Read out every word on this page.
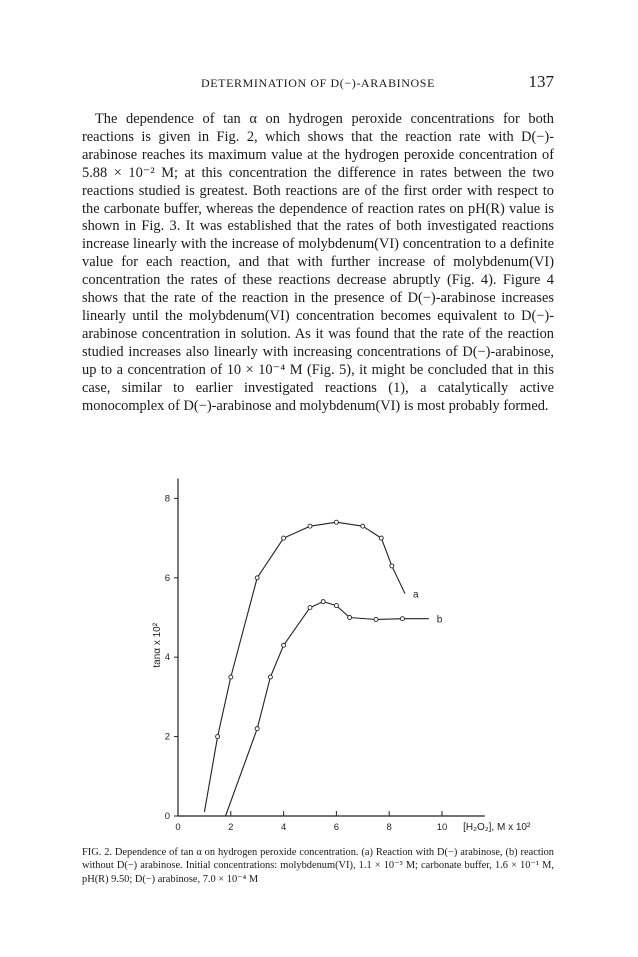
DETERMINATION OF D(−)-ARABINOSE	137

The dependence of tan α on hydrogen peroxide concentrations for both reactions is given in Fig. 2, which shows that the reaction rate with D(−)-arabinose reaches its maximum value at the hydrogen peroxide concentration of 5.88 × 10⁻² M; at this concentration the difference in rates between the two reactions studied is greatest. Both reactions are of the first order with respect to the carbonate buffer, whereas the dependence of reaction rates on pH(R) value is shown in Fig. 3. It was established that the rates of both investigated reactions increase linearly with the increase of molybdenum(VI) concentration to a definite value for each reaction, and that with further increase of molybdenum(VI) concentration the rates of these reactions decrease abruptly (Fig. 4). Figure 4 shows that the rate of the reaction in the presence of D(−)-arabinose increases linearly until the molybdenum(VI) concentration becomes equivalent to D(−)-arabinose concentration in solution. As it was found that the rate of the reaction studied increases also linearly with increasing concentrations of D(−)-arabinose, up to a concentration of 10 × 10⁻⁴ M (Fig. 5), it might be concluded that in this case, similar to earlier investigated reactions (1), a catalytically active monocomplex of D(−)-arabinose and molybdenum(VI) is most probably formed.

0	2	4	6	8	10
0
2
4
6
8
[H₂O₂], M x 10²
tanα x 10²
a
b

FIG. 2. Dependence of tan α on hydrogen peroxide concentration. (a) Reaction with D(−) arabinose, (b) reaction without D(−) arabinose. Initial concentrations: molybdenum(VI), 1.1 × 10⁻³ M; carbonate buffer, 1.6 × 10⁻¹ M, pH(R) 9.50; D(−) arabinose, 7.0 × 10⁻⁴ M
